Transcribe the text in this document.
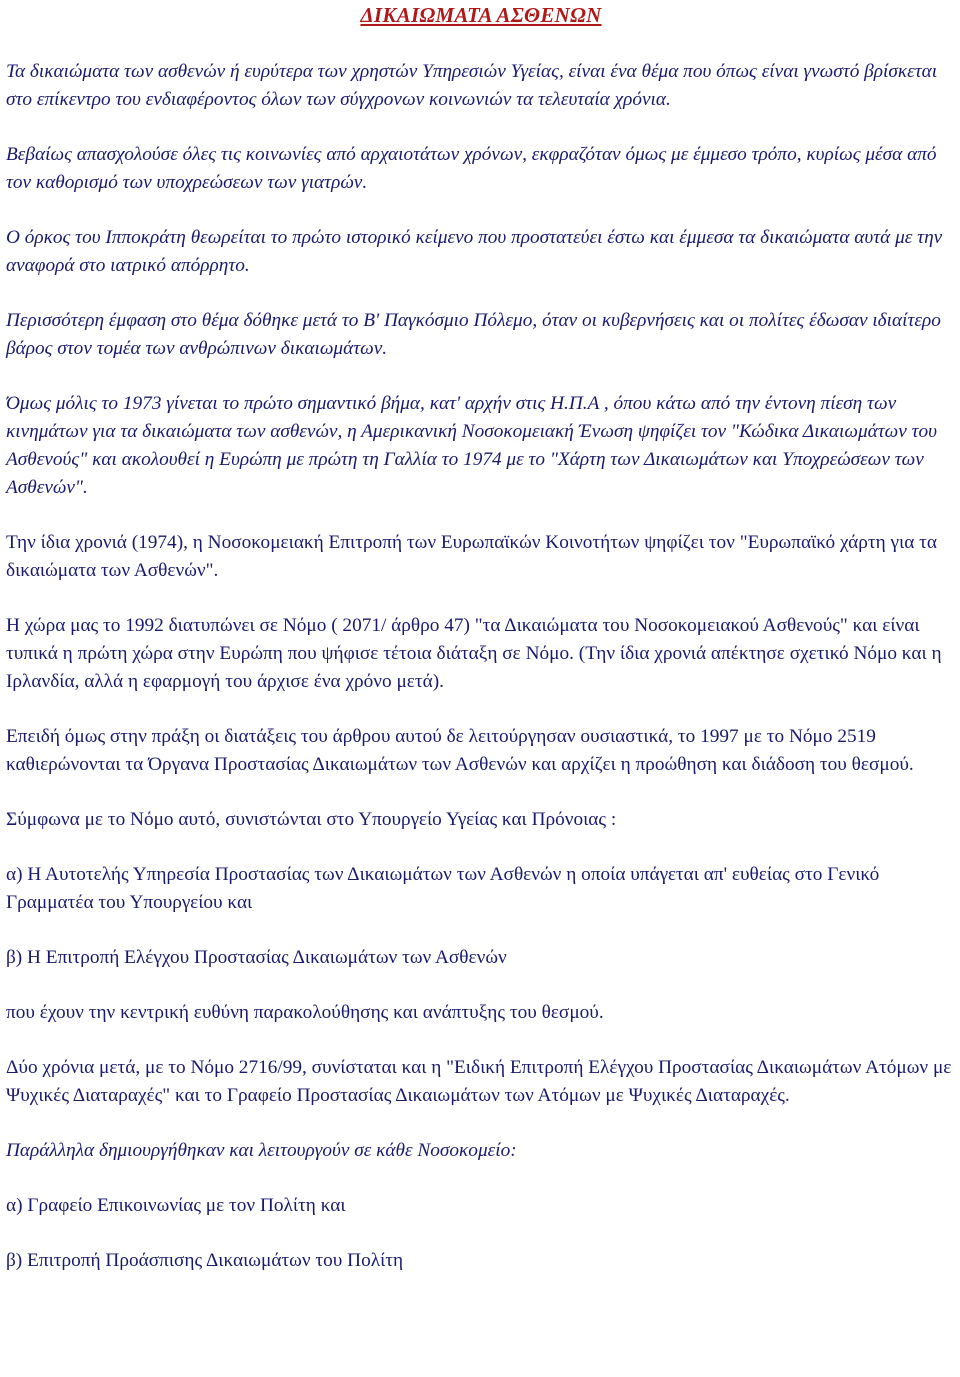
ΔΙΚΑΙΩΜΑΤΑ ΑΣΘΕΝΩΝ

Τα δικαιώματα των ασθενών ή ευρύτερα των χρηστών Υπηρεσιών Υγείας, είναι ένα θέμα που όπως είναι γνωστό βρίσκεται στο επίκεντρο του ενδιαφέροντος όλων των σύγχρονων κοινωνιών τα τελευταία χρόνια.

Βεβαίως απασχολούσε όλες τις κοινωνίες από αρχαιοτάτων χρόνων, εκφραζόταν όμως με έμμεσο τρόπο, κυρίως μέσα από τον καθορισμό των υποχρεώσεων των γιατρών.

Ο όρκος του Ιπποκράτη θεωρείται το πρώτο ιστορικό κείμενο που προστατεύει έστω και έμμεσα τα δικαιώματα αυτά με την αναφορά στο ιατρικό απόρρητο.

Περισσότερη έμφαση στο θέμα δόθηκε μετά το Β' Παγκόσμιο Πόλεμο, όταν οι κυβερνήσεις και οι πολίτες έδωσαν ιδιαίτερο βάρος στον τομέα των ανθρώπινων δικαιωμάτων.

Όμως μόλις το 1973 γίνεται το πρώτο σημαντικό βήμα, κατ' αρχήν στις Η.Π.Α , όπου κάτω από την έντονη πίεση των κινημάτων για τα δικαιώματα των ασθενών, η Αμερικανική Νοσοκομειακή Ένωση ψηφίζει τον "Κώδικα Δικαιωμάτων του Ασθενούς" και ακολουθεί η Ευρώπη με πρώτη τη Γαλλία το 1974 με το "Χάρτη των Δικαιωμάτων και Υποχρεώσεων των Ασθενών".

Την ίδια χρονιά (1974), η Νοσοκομειακή Επιτροπή των Ευρωπαϊκών Κοινοτήτων ψηφίζει τον "Ευρωπαϊκό χάρτη για τα δικαιώματα των Ασθενών".

Η χώρα μας το 1992 διατυπώνει σε Νόμο ( 2071/ άρθρο 47) "τα Δικαιώματα του Νοσοκομειακού Ασθενούς" και είναι τυπικά η πρώτη χώρα στην Ευρώπη που ψήφισε τέτοια διάταξη σε Νόμο. (Την ίδια χρονιά απέκτησε σχετικό Νόμο και η Ιρλανδία, αλλά η εφαρμογή του άρχισε ένα χρόνο μετά).

Επειδή όμως στην πράξη οι διατάξεις του άρθρου αυτού δε λειτούργησαν ουσιαστικά, το 1997 με το Νόμο 2519 καθιερώνονται τα Όργανα Προστασίας Δικαιωμάτων των Ασθενών και αρχίζει η προώθηση και διάδοση του θεσμού.

Σύμφωνα με το Νόμο αυτό, συνιστώνται στο Υπουργείο Υγείας και Πρόνοιας :

α) Η Αυτοτελής Υπηρεσία Προστασίας των Δικαιωμάτων των Ασθενών η οποία υπάγεται απ' ευθείας στο Γενικό Γραμματέα του Υπουργείου και

β) Η Επιτροπή Ελέγχου Προστασίας Δικαιωμάτων των Ασθενών

που έχουν την κεντρική ευθύνη παρακολούθησης και ανάπτυξης του θεσμού.

Δύο χρόνια μετά, με το Νόμο 2716/99, συνίσταται και η "Ειδική Επιτροπή Ελέγχου Προστασίας Δικαιωμάτων Ατόμων με Ψυχικές Διαταραχές" και το Γραφείο Προστασίας Δικαιωμάτων των Ατόμων με Ψυχικές Διαταραχές.

Παράλληλα δημιουργήθηκαν και λειτουργούν σε κάθε Νοσοκομείο:

α) Γραφείο Επικοινωνίας με τον Πολίτη και

β) Επιτροπή Προάσπισης Δικαιωμάτων του Πολίτη
